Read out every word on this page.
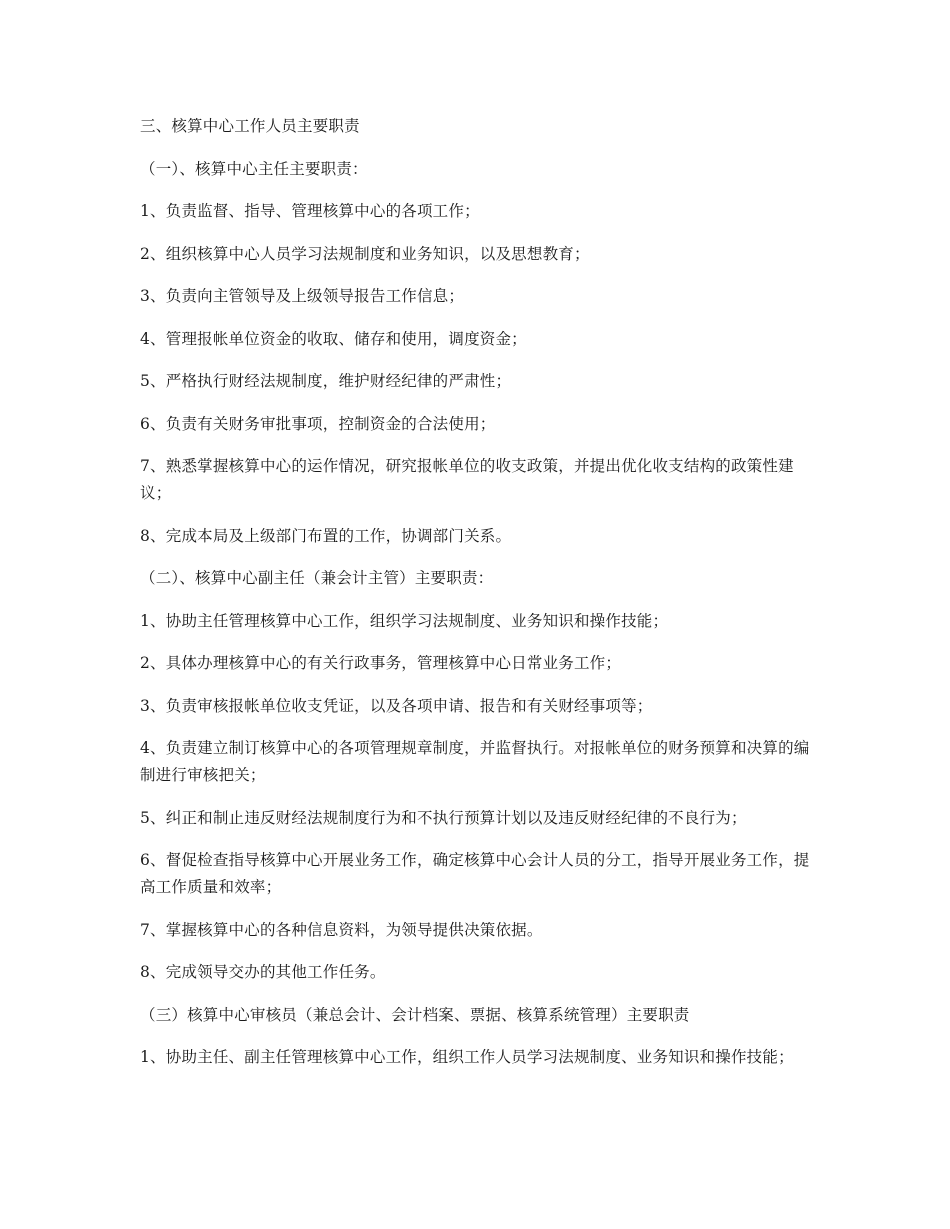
三、核算中心工作人员主要职责

（一）、核算中心主任主要职责：

1、负责监督、指导、管理核算中心的各项工作；

2、组织核算中心人员学习法规制度和业务知识，以及思想教育；

3、负责向主管领导及上级领导报告工作信息；

4、管理报帐单位资金的收取、储存和使用，调度资金；

5、严格执行财经法规制度，维护财经纪律的严肃性；

6、负责有关财务审批事项，控制资金的合法使用；

7、熟悉掌握核算中心的运作情况，研究报帐单位的收支政策，并提出优化收支结构的政策性建议；

8、完成本局及上级部门布置的工作，协调部门关系。

（二）、核算中心副主任（兼会计主管）主要职责：

1、协助主任管理核算中心工作，组织学习法规制度、业务知识和操作技能；

2、具体办理核算中心的有关行政事务，管理核算中心日常业务工作；

3、负责审核报帐单位收支凭证，以及各项申请、报告和有关财经事项等；

4、负责建立制订核算中心的各项管理规章制度，并监督执行。对报帐单位的财务预算和决算的编制进行审核把关；

5、纠正和制止违反财经法规制度行为和不执行预算计划以及违反财经纪律的不良行为；

6、督促检查指导核算中心开展业务工作，确定核算中心会计人员的分工，指导开展业务工作，提高工作质量和效率；

7、掌握核算中心的各种信息资料，为领导提供决策依据。

8、完成领导交办的其他工作任务。

（三）核算中心审核员（兼总会计、会计档案、票据、核算系统管理）主要职责

1、协助主任、副主任管理核算中心工作，组织工作人员学习法规制度、业务知识和操作技能；
